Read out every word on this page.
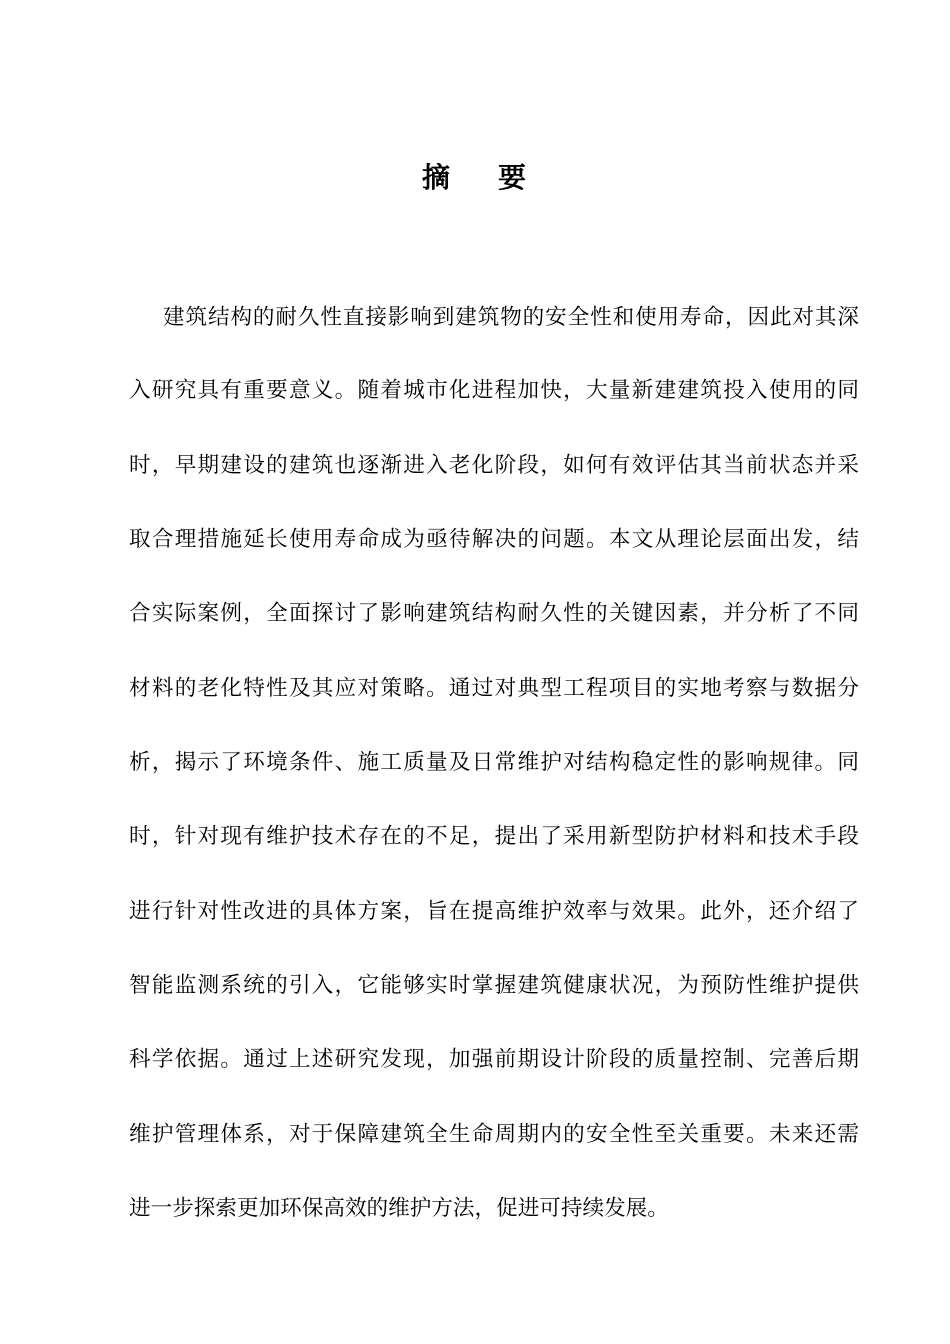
摘 要
建筑结构的耐久性直接影响到建筑物的安全性和使用寿命，因此对其深
入研究具有重要意义。随着城市化进程加快，大量新建建筑投入使用的同
时，早期建设的建筑也逐渐进入老化阶段，如何有效评估其当前状态并采
取合理措施延长使用寿命成为亟待解决的问题。本文从理论层面出发，结
合实际案例，全面探讨了影响建筑结构耐久性的关键因素，并分析了不同
材料的老化特性及其应对策略。通过对典型工程项目的实地考察与数据分
析，揭示了环境条件、施工质量及日常维护对结构稳定性的影响规律。同
时，针对现有维护技术存在的不足，提出了采用新型防护材料和技术手段
进行针对性改进的具体方案，旨在提高维护效率与效果。此外，还介绍了
智能监测系统的引入，它能够实时掌握建筑健康状况，为预防性维护提供
科学依据。通过上述研究发现，加强前期设计阶段的质量控制、完善后期
维护管理体系，对于保障建筑全生命周期内的安全性至关重要。未来还需
进一步探索更加环保高效的维护方法，促进可持续发展。
